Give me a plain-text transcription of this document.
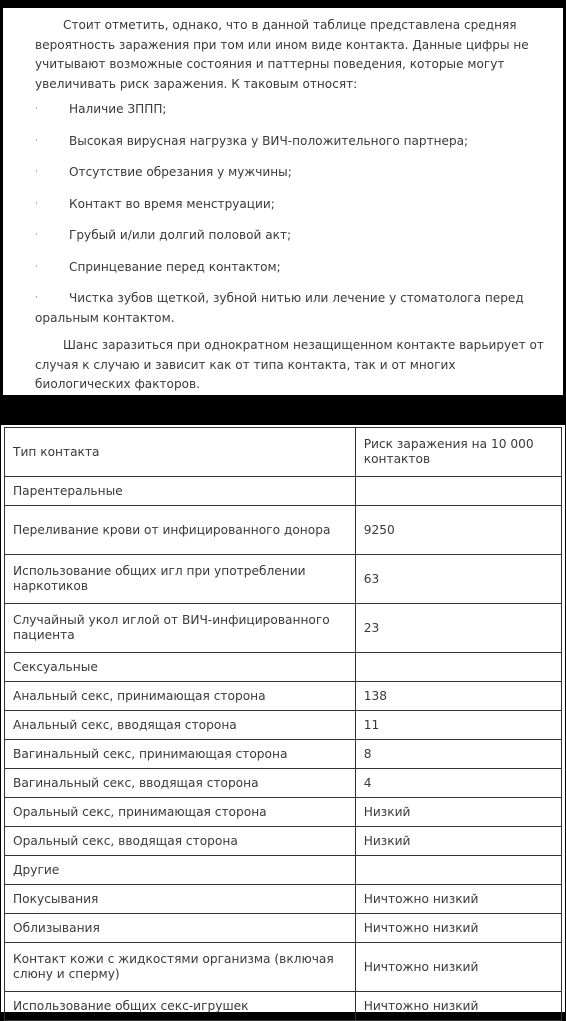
Стоит отметить, однако, что в данной таблице представлена средняя вероятность заражения при том или ином виде контакта. Данные цифры не учитывают возможные состояния и паттерны поведения, которые могут увеличивать риск заражения. К таковым относят:

·	Наличие ЗППП;

·	Высокая вирусная нагрузка у ВИЧ-положительного партнера;

·	Отсутствие обрезания у мужчины;

·	Контакт во время менструации;

·	Грубый и/или долгий половой акт;

·	Спринцевание перед контактом;

·	Чистка зубов щеткой, зубной нитью или лечение у стоматолога перед оральным контактом.

Шанс заразиться при однократном незащищенном контакте варьирует от случая к случаю и зависит как от типа контакта, так и от многих биологических факторов.

Тип контакта	Риск заражения на 10 000 контактов
Парентеральные	
Переливание крови от инфицированного донора	9250
Использование общих игл при употреблении наркотиков	63
Случайный укол иглой от ВИЧ-инфицированного пациента	23
Сексуальные	
Анальный секс, принимающая сторона	138
Анальный секс, вводящая сторона	11
Вагинальный секс, принимающая сторона	8
Вагинальный секс, вводящая сторона	4
Оральный секс, принимающая сторона	Низкий
Оральный секс, вводящая сторона	Низкий
Другие	
Покусывания	Ничтожно низкий
Облизывания	Ничтожно низкий
Контакт кожи с жидкостями организма (включая слюну и сперму)	Ничтожно низкий
Использование общих секс-игрушек	Ничтожно низкий
